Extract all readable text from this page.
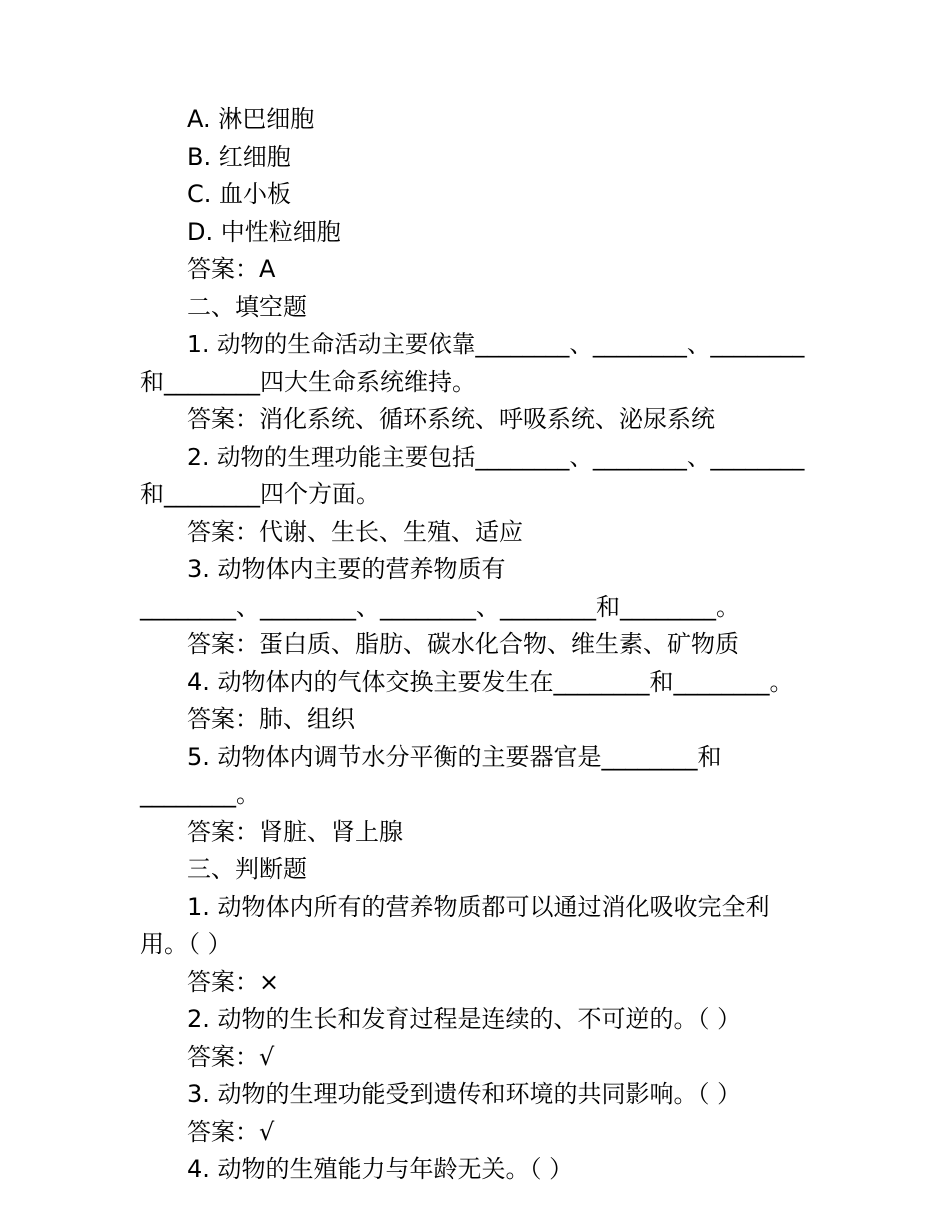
A. 淋巴细胞
B. 红细胞
C. 血小板
D. 中性粒细胞
答案：A
二、填空题
1. 动物的生命活动主要依靠________、________、________
和________四大生命系统维持。
答案：消化系统、循环系统、呼吸系统、泌尿系统
2. 动物的生理功能主要包括________、________、________
和________四个方面。
答案：代谢、生长、生殖、适应
3. 动物体内主要的营养物质有
________、________、________、________和________。
答案：蛋白质、脂肪、碳水化合物、维生素、矿物质
4. 动物体内的气体交换主要发生在________和________。
答案：肺、组织
5. 动物体内调节水分平衡的主要器官是________和
________。
答案：肾脏、肾上腺
三、判断题
1. 动物体内所有的营养物质都可以通过消化吸收完全利
用。（ ）
答案：×
2. 动物的生长和发育过程是连续的、不可逆的。（ ）
答案：√
3. 动物的生理功能受到遗传和环境的共同影响。（ ）
答案：√
4. 动物的生殖能力与年龄无关。（ ）
